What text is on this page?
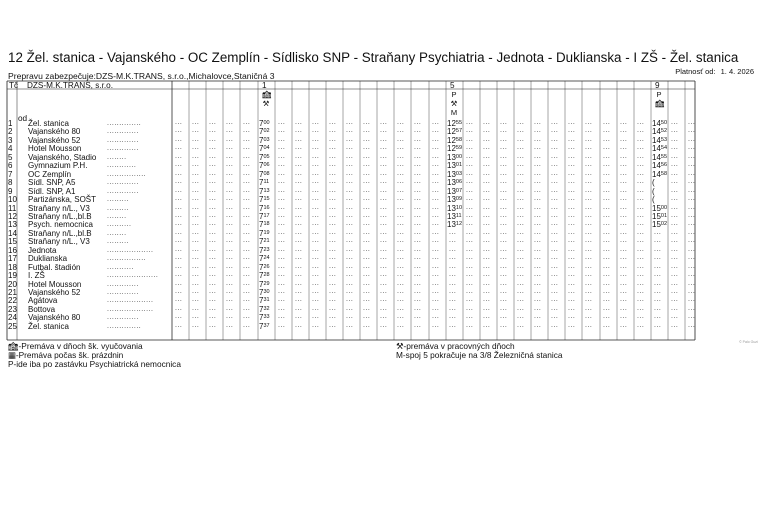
12 Žel. stanica - Vajanského - OC Zemplín - Sídlisko SNP - Straňany Psychiatria - Jednota - Duklianska - I ZŠ - Žel. stanica
Platnosť od: 1. 4. 2026
Prepravu zabezpečuje:DZS-M.K.TRANS, s.r.o.,Michalovce,Staničná 3
Tč DZS-M.K.TRANS, s.r.o.
od
1
🏫︎
⚒︎
5
P
⚒︎
M
9
P
🏫︎
1 Žel. stanica	..............	... ... ... ... ... $7^{00}$ ... ... ... ... ... ... ... ... ... ... $12^{55}$ ... ... ... ... ... ... ... ... ... ... ... $14^{50}$ ... ...
2 Vajanského 80	.............	... ... ... ... ... $7^{02}$ ... ... ... ... ... ... ... ... ... ... $12^{57}$ ... ... ... ... ... ... ... ... ... ... ... $14^{52}$ ... ...
3 Vajanského 52	.............	... ... ... ... ... $7^{03}$ ... ... ... ... ... ... ... ... ... ... $12^{58}$ ... ... ... ... ... ... ... ... ... ... ... $14^{53}$ ... ...
4 Hotel Mousson	.............	... ... ... ... ... $7^{04}$ ... ... ... ... ... ... ... ... ... ... $12^{59}$ ... ... ... ... ... ... ... ... ... ... ... $14^{54}$ ... ...
5 Vajanského, Stadio ........	... ... ... ... ... $7^{05}$ ... ... ... ... ... ... ... ... ... ... $13^{00}$ ... ... ... ... ... ... ... ... ... ... ... $14^{55}$ ... ...
6 Gymnazium P.H.	............	... ... ... ... ... $7^{06}$ ... ... ... ... ... ... ... ... ... ... $13^{01}$ ... ... ... ... ... ... ... ... ... ... ... $14^{56}$ ... ...
7 OC Zemplín	................	... ... ... ... ... $7^{08}$ ... ... ... ... ... ... ... ... ... ... $13^{03}$ ... ... ... ... ... ... ... ... ... ... ... $14^{58}$ ... ...
8 Sídl. SNP, A5	.............	... ... ... ... ... $7^{11}$ ... ... ... ... ... ... ... ... ... ... $13^{06}$ ... ... ... ... ... ... ... ... ... ... ... ( ... ...
9 Sídl. SNP, A1	.............	... ... ... ... ... $7^{13}$ ... ... ... ... ... ... ... ... ... ... $13^{07}$ ... ... ... ... ... ... ... ... ... ... ... ( ... ...
10 Partizánska, SOŠT .........	... ... ... ... ... $7^{15}$ ... ... ... ... ... ... ... ... ... ... $13^{09}$ ... ... ... ... ... ... ... ... ... ... ... ( ... ...
11 Straňany n/L., V3 .........	... ... ... ... ... $7^{16}$ ... ... ... ... ... ... ... ... ... ... $13^{10}$ ... ... ... ... ... ... ... ... ... ... ... $15^{00}$ ... ...
12 Straňany n/L.,bl.B ........	... ... ... ... ... $7^{17}$ ... ... ... ... ... ... ... ... ... ... $13^{11}$ ... ... ... ... ... ... ... ... ... ... ... $15^{01}$ ... ...
13 Psych. nemocnica ..........	... ... ... ... ... $7^{18}$ ... ... ... ... ... ... ... ... ... ... $13^{12}$ ... ... ... ... ... ... ... ... ... ... ... $15^{02}$ ... ...
14 Straňany n/L.,bl.B ........	... ... ... ... ... $7^{19}$ ... ... ... ... ... ... ... ... ... ... ... ... ... ... ... ... ... ... ... ... ... ... ... ... ...
15 Straňany n/L., V3 .........	... ... ... ... ... $7^{21}$ ... ... ... ... ... ... ... ... ... ... ... ... ... ... ... ... ... ... ... ... ... ... ... ... ...
16 Jednota	...................	... ... ... ... ... $7^{23}$ ... ... ... ... ... ... ... ... ... ... ... ... ... ... ... ... ... ... ... ... ... ... ... ... ...
17 Duklianska	................	... ... ... ... ... $7^{24}$ ... ... ... ... ... ... ... ... ... ... ... ... ... ... ... ... ... ... ... ... ... ... ... ... ...
18 Futbal. štadión	...........	... ... ... ... ... $7^{26}$ ... ... ... ... ... ... ... ... ... ... ... ... ... ... ... ... ... ... ... ... ... ... ... ... ...
19 I. ZŠ	..................... ... ... ... ... ... $7^{28}$ ... ... ... ... ... ... ... ... ... ... ... ... ... ... ... ... ... ... ... ... ... ... ... ... ...
20 Hotel Mousson	.............	... ... ... ... ... $7^{29}$ ... ... ... ... ... ... ... ... ... ... ... ... ... ... ... ... ... ... ... ... ... ... ... ... ...
21 Vajanského 52	.............	... ... ... ... ... $7^{30}$ ... ... ... ... ... ... ... ... ... ... ... ... ... ... ... ... ... ... ... ... ... ... ... ... ...
22 Agátova	...................	... ... ... ... ... $7^{31}$ ... ... ... ... ... ... ... ... ... ... ... ... ... ... ... ... ... ... ... ... ... ... ... ... ...
23 Bottova	...................	... ... ... ... ... $7^{32}$ ... ... ... ... ... ... ... ... ... ... ... ... ... ... ... ... ... ... ... ... ... ... ... ... ...
24 Vajanského 80	.............	... ... ... ... ... $7^{33}$ ... ... ... ... ... ... ... ... ... ... ... ... ... ... ... ... ... ... ... ... ... ... ... ... ...
25 Žel. stanica	..............	... ... ... ... ... $7^{37}$ ... ... ... ... ... ... ... ... ... ... ... ... ... ... ... ... ... ... ... ... ... ... ... ... ...
🏫︎-Premáva v dňoch šk. vyučovania
▦-Premáva počas šk. prázdnin
P-ide iba po zastávku Psychiatrická nemocnica
⚒︎-premáva v pracovných dňoch
M-spoj 5 pokračuje na 3/8 Železničná stanica
© Palo Guzí
